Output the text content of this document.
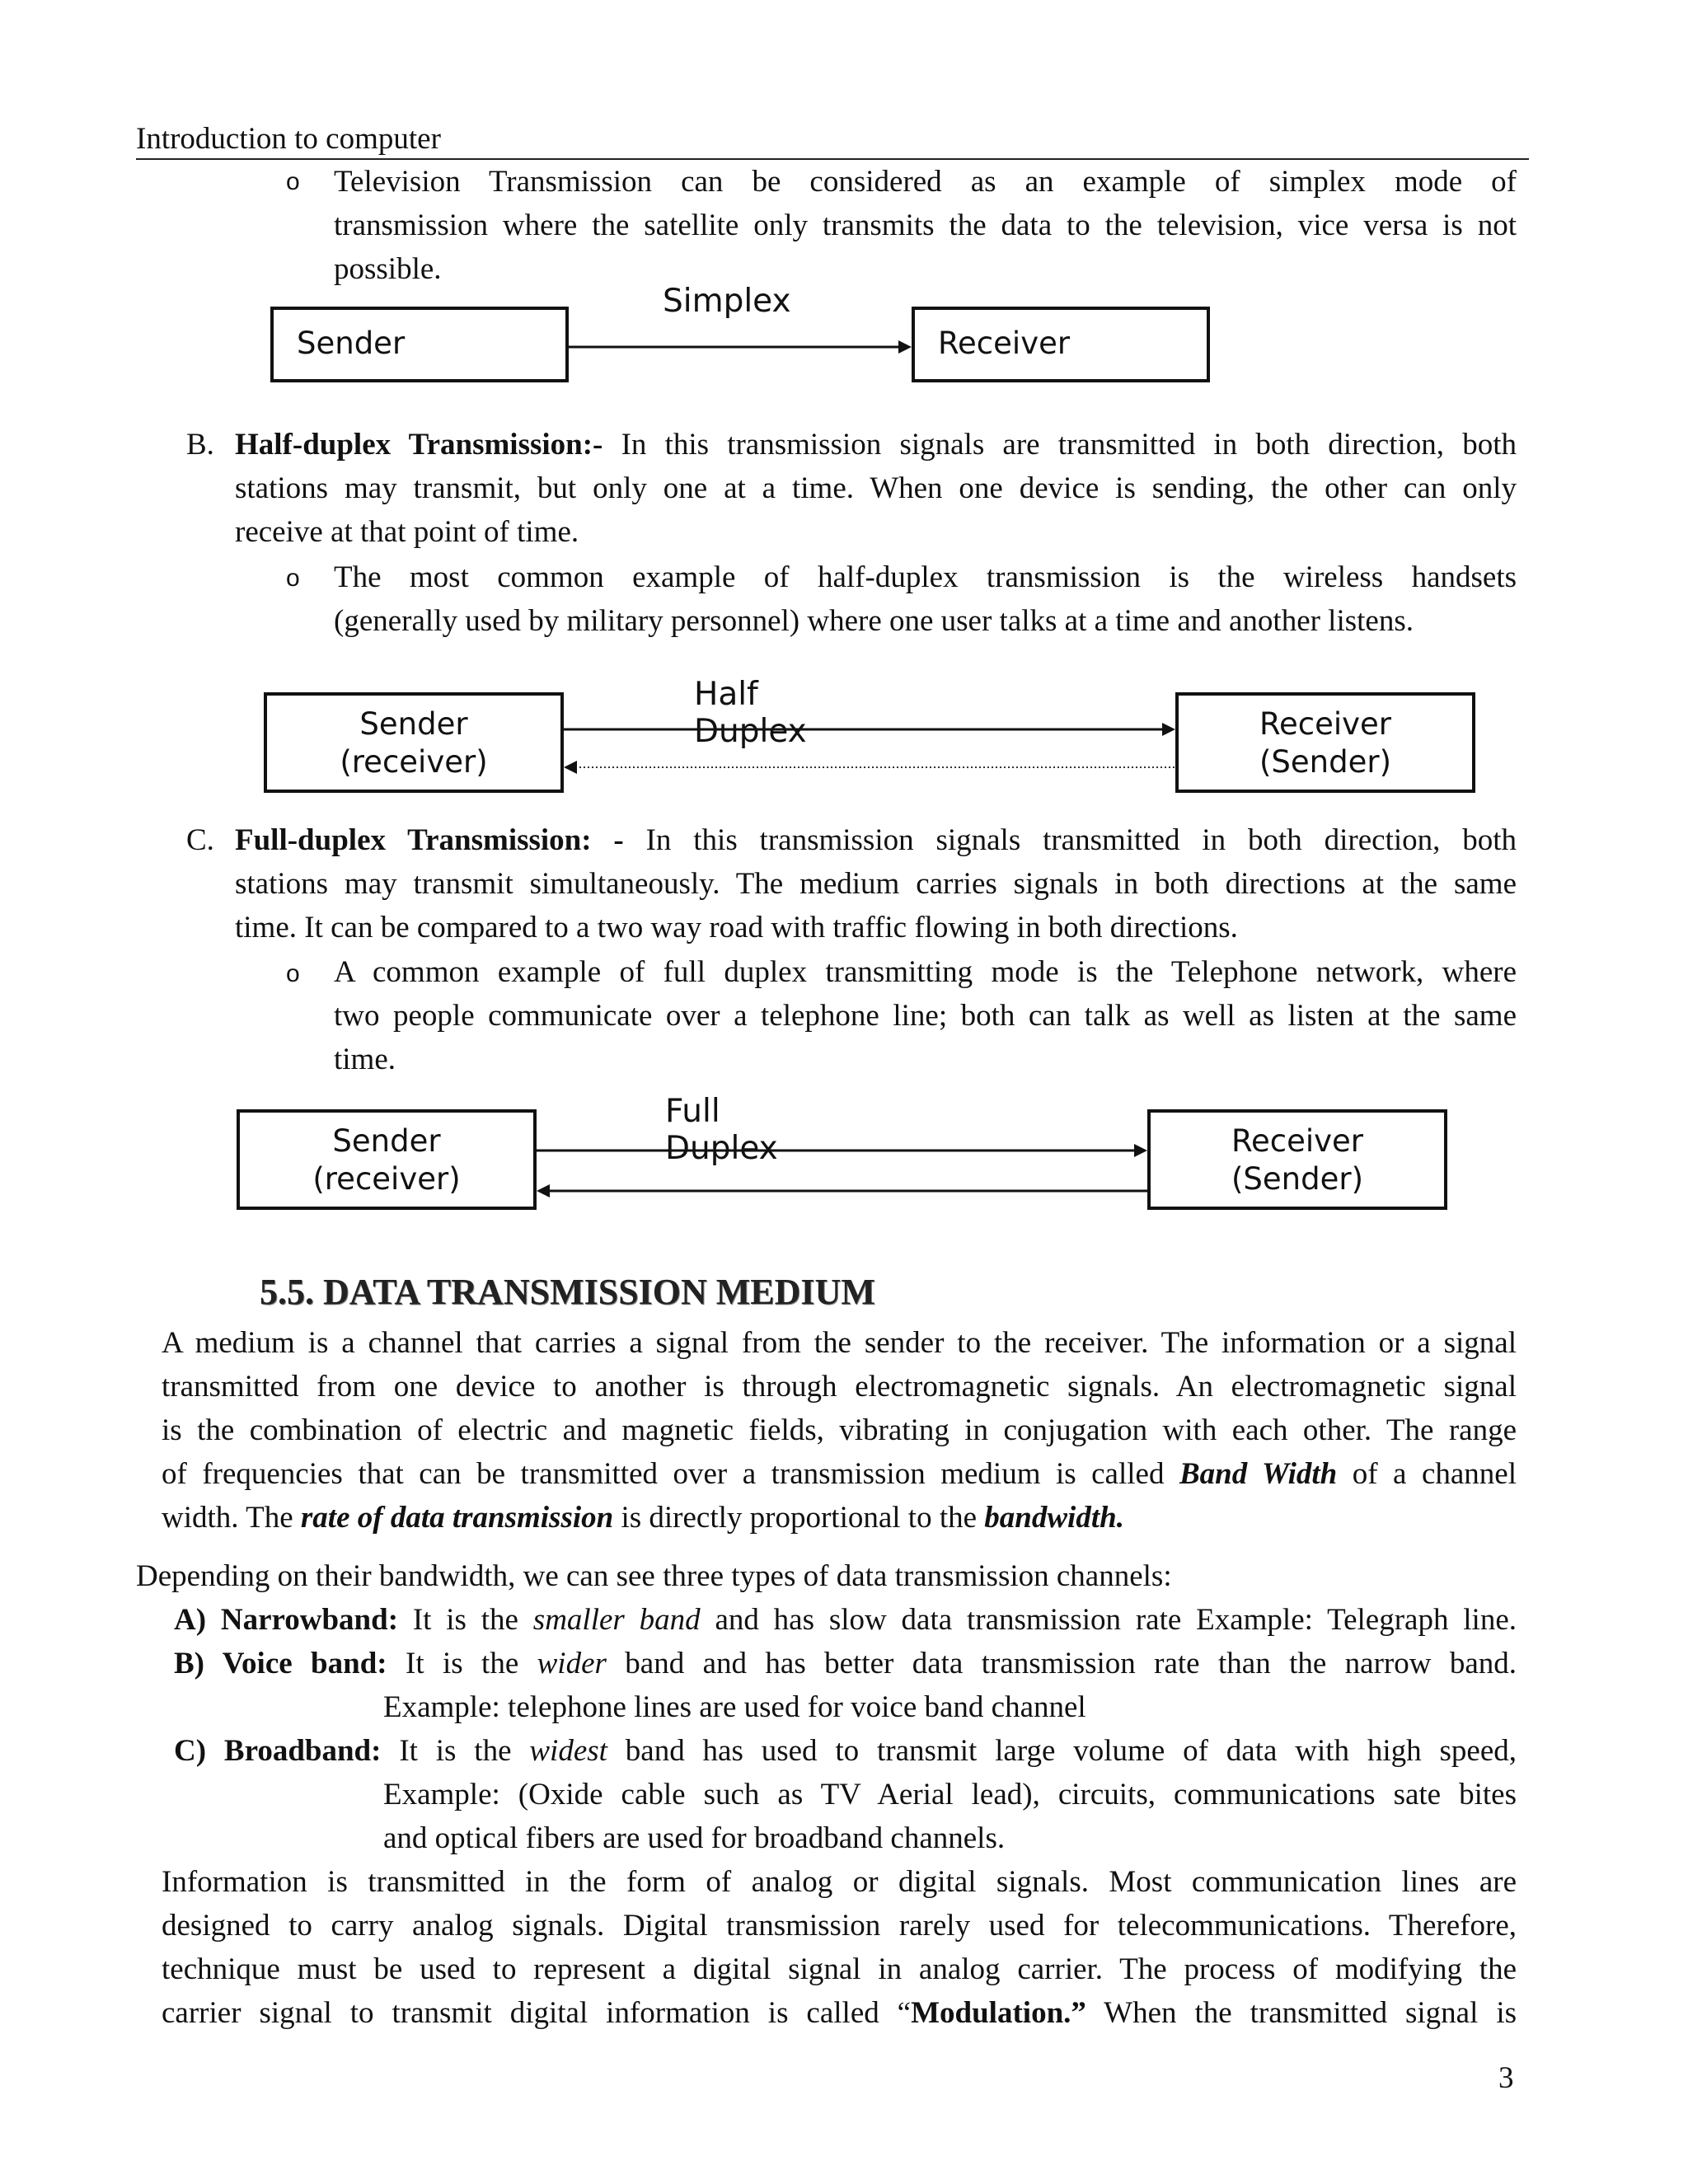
Introduction to computer
o Television Transmission can be considered as an example of simplex mode of
transmission where the satellite only transmits the data to the television, vice versa is not
possible.
Simplex
Sender	Receiver
B. Half-duplex Transmission:- In this transmission signals are transmitted in both direction, both
stations may transmit, but only one at a time. When one device is sending, the other can only
receive at that point of time.
o The most common example of half-duplex transmission is the wireless handsets
(generally used by military personnel) where one user talks at a time and another listens.
Half Duplex
Sender
(receiver)
Receiver
(Sender)
C. Full-duplex Transmission: - In this transmission signals transmitted in both direction, both
stations may transmit simultaneously. The medium carries signals in both directions at the same
time. It can be compared to a two way road with traffic flowing in both directions.
o A common example of full duplex transmitting mode is the Telephone network, where
two people communicate over a telephone line; both can talk as well as listen at the same
time.
Full Duplex
Sender
(receiver)
Receiver
(Sender)
5.5. DATA TRANSMISSION MEDIUM
A medium is a channel that carries a signal from the sender to the receiver. The information or a signal
transmitted from one device to another is through electromagnetic signals. An electromagnetic signal
is the combination of electric and magnetic fields, vibrating in conjugation with each other. The range
of frequencies that can be transmitted over a transmission medium is called Band Width of a channel
width. The rate of data transmission is directly proportional to the bandwidth.
Depending on their bandwidth, we can see three types of data transmission channels:
A) Narrowband: It is the smaller band and has slow data transmission rate Example: Telegraph line.
B) Voice band: It is the wider band and has better data transmission rate than the narrow band.
Example: telephone lines are used for voice band channel
C) Broadband: It is the widest band has used to transmit large volume of data with high speed,
Example: (Oxide cable such as TV Aerial lead), circuits, communications sate bites
and optical fibers are used for broadband channels.
Information is transmitted in the form of analog or digital signals. Most communication lines are
designed to carry analog signals. Digital transmission rarely used for telecommunications. Therefore,
technique must be used to represent a digital signal in analog carrier. The process of modifying the
carrier signal to transmit digital information is called “Modulation.” When the transmitted signal is
3
